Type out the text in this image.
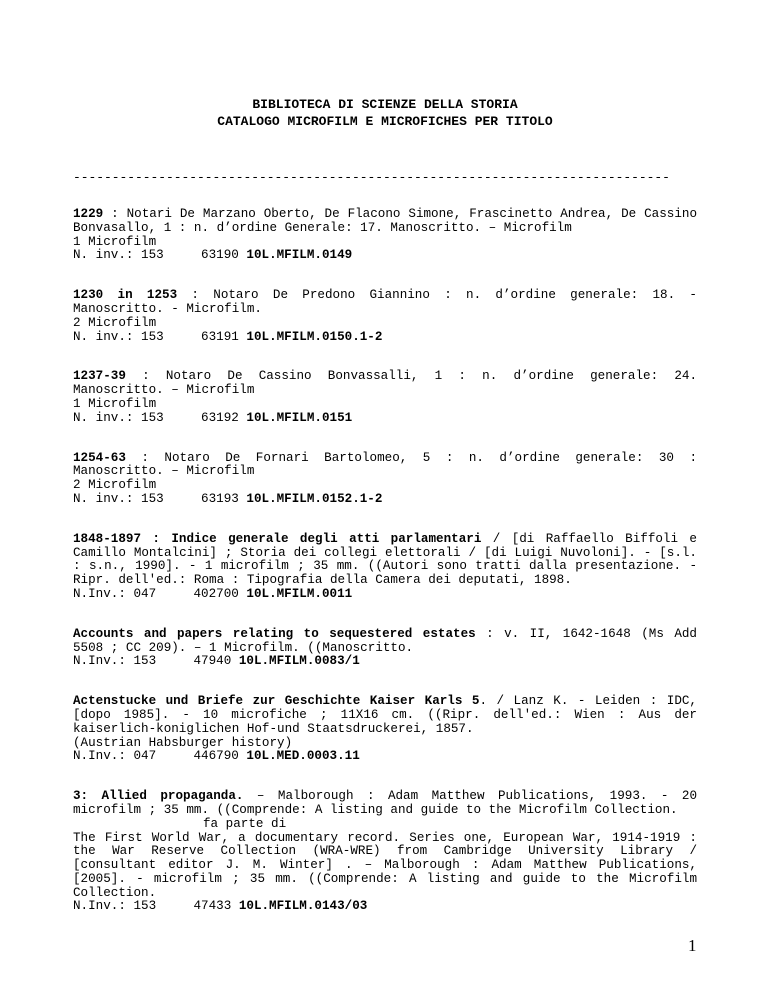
BIBLIOTECA DI SCIENZE DELLA STORIA
CATALOGO MICROFILM E MICROFICHES PER TITOLO
-----------------------------------------------------------------------------

1229 : Notari De Marzano Oberto, De Flacono Simone, Frascinetto Andrea, De Cassino Bonvasallo, 1 : n. d’ordine Generale: 17. Manoscritto. – Microfilm

1 Microfilm

N. inv.: 153	63190 10L.MFILM.0149

1230 in 1253 : Notaro De Predono Giannino : n. d’ordine generale: 18. - Manoscritto. - Microfilm.

2 Microfilm

N. inv.: 153	63191 10L.MFILM.0150.1-2

1237-39 : Notaro De Cassino Bonvassalli, 1 : n. d’ordine generale: 24. Manoscritto. – Microfilm

1 Microfilm

N. inv.: 153	63192 10L.MFILM.0151

1254-63 : Notaro De Fornari Bartolomeo, 5 : n. d’ordine generale: 30 : Manoscritto. – Microfilm

2 Microfilm

N. inv.: 153	63193 10L.MFILM.0152.1-2

1848-1897 : Indice generale degli atti parlamentari / [di Raffaello Biffoli e Camillo Montalcini] ; Storia dei collegi elettorali / [di Luigi Nuvoloni]. - [s.l. : s.n., 1990]. - 1 microfilm ; 35 mm. ((Autori sono tratti dalla presentazione. - Ripr. dell'ed.: Roma : Tipografia della Camera dei deputati, 1898.

N.Inv.: 047	402700 10L.MFILM.0011

Accounts and papers relating to sequestered estates : v. II, 1642-1648 (Ms Add 5508 ; CC 209). – 1 Microfilm. ((Manoscritto.

N.Inv.: 153	47940 10L.MFILM.0083/1

Actenstucke und Briefe zur Geschichte Kaiser Karls 5. / Lanz K. - Leiden : IDC, [dopo 1985]. - 10 microfiche ; 11X16 cm. ((Ripr. dell'ed.: Wien : Aus der kaiserlich-koniglichen Hof-und Staatsdruckerei, 1857.

(Austrian Habsburger history)

N.Inv.: 047	446790 10L.MED.0003.11

3: Allied propaganda. – Malborough : Adam Matthew Publications, 1993. - 20 microfilm ; 35 mm. ((Comprende: A listing and guide to the Microfilm Collection.

fa parte di

The First World War, a documentary record. Series one, European War, 1914-1919 : the War Reserve Collection (WRA-WRE) from Cambridge University Library / [consultant editor J. M. Winter] . – Malborough : Adam Matthew Publications, [2005]. - microfilm ; 35 mm. ((Comprende: A listing and guide to the Microfilm Collection.

N.Inv.: 153	47433 10L.MFILM.0143/03

1
